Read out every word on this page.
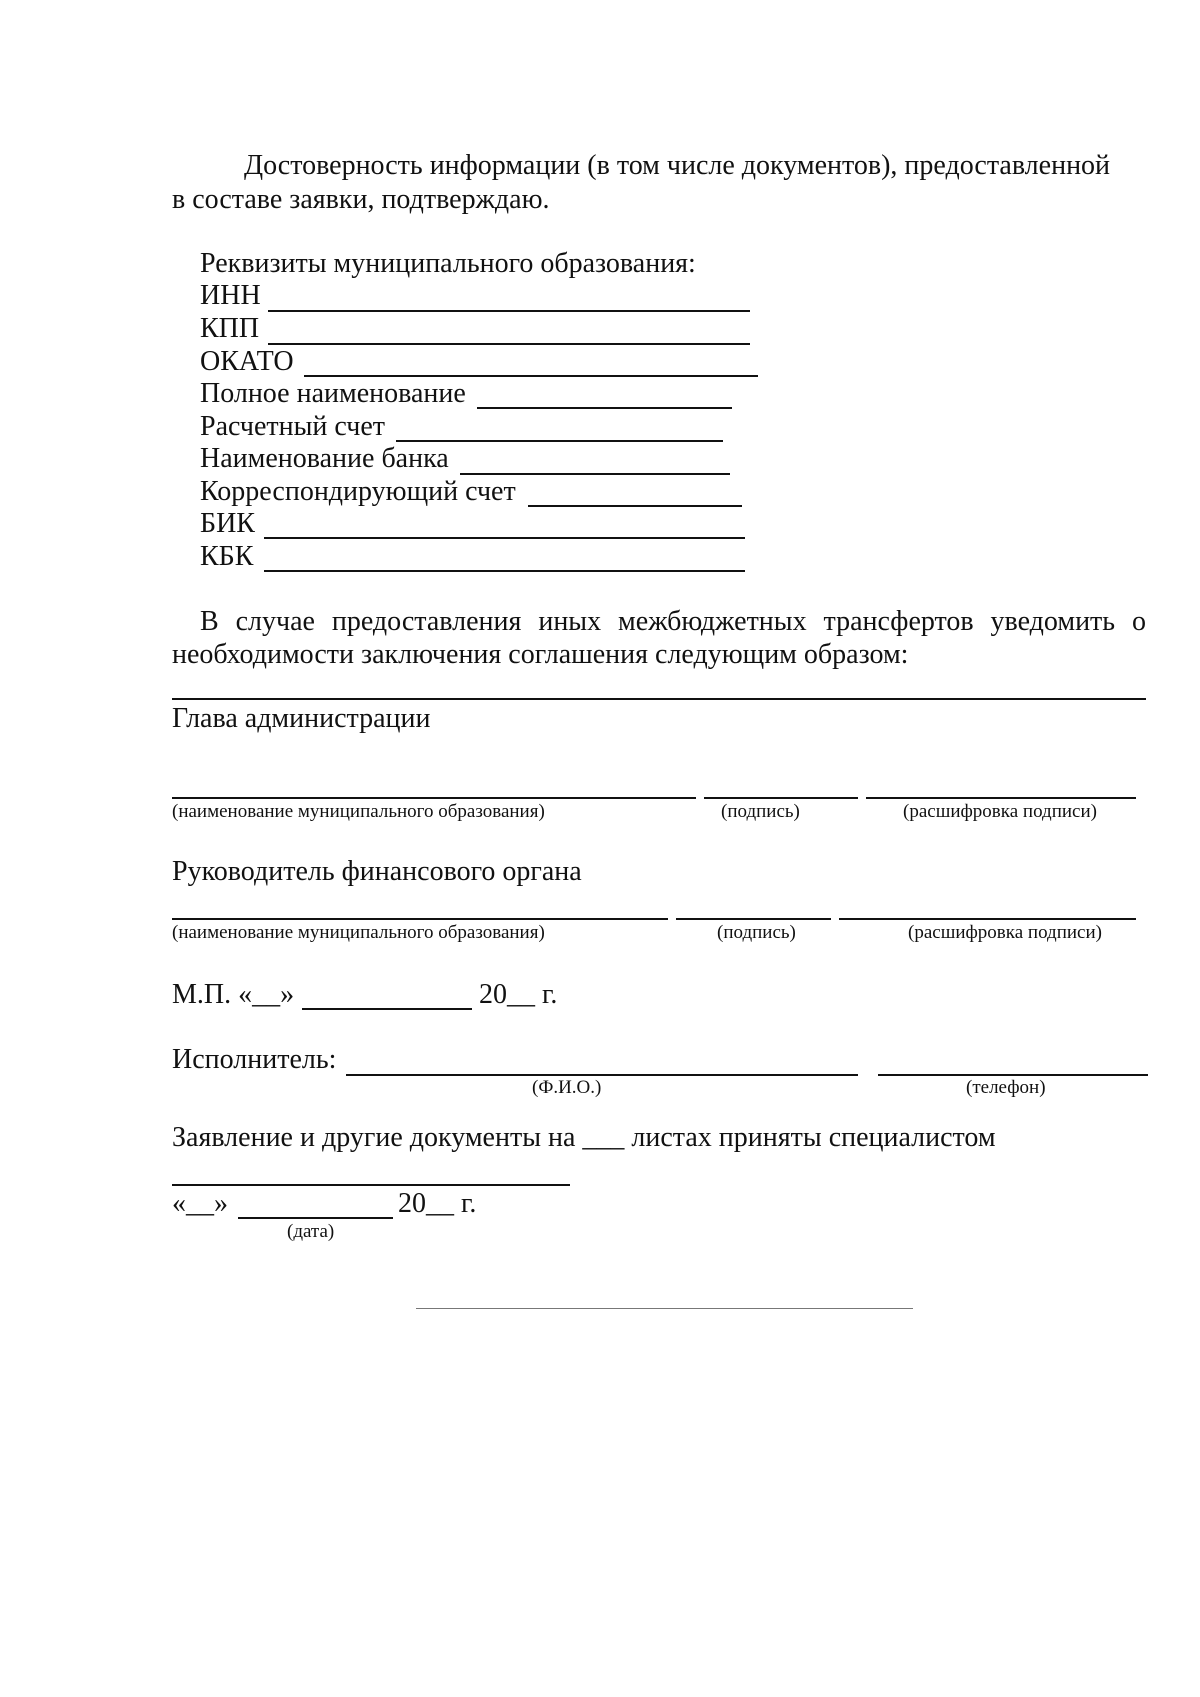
Достоверность информации (в том числе документов), предоставленной
в составе заявки, подтверждаю.
Реквизиты муниципального образования:
ИНН
КПП
ОКАТО
Полное наименование
Расчетный счет
Наименование банка
Корреспондирующий счет
БИК
КБК
В случае предоставления иных межбюджетных трансфертов уведомить о
необходимости заключения соглашения следующим образом:
Глава администрации
(наименование муниципального образования)	(подпись)	(расшифровка подписи)
Руководитель финансового органа
(наименование муниципального образования)	(подпись)	(расшифровка подписи)
М.П. «__»	20__ г.
Исполнитель:
(Ф.И.О.)	(телефон)
Заявление и другие документы на ___ листах приняты специалистом
«__»	20__ г.
(дата)
